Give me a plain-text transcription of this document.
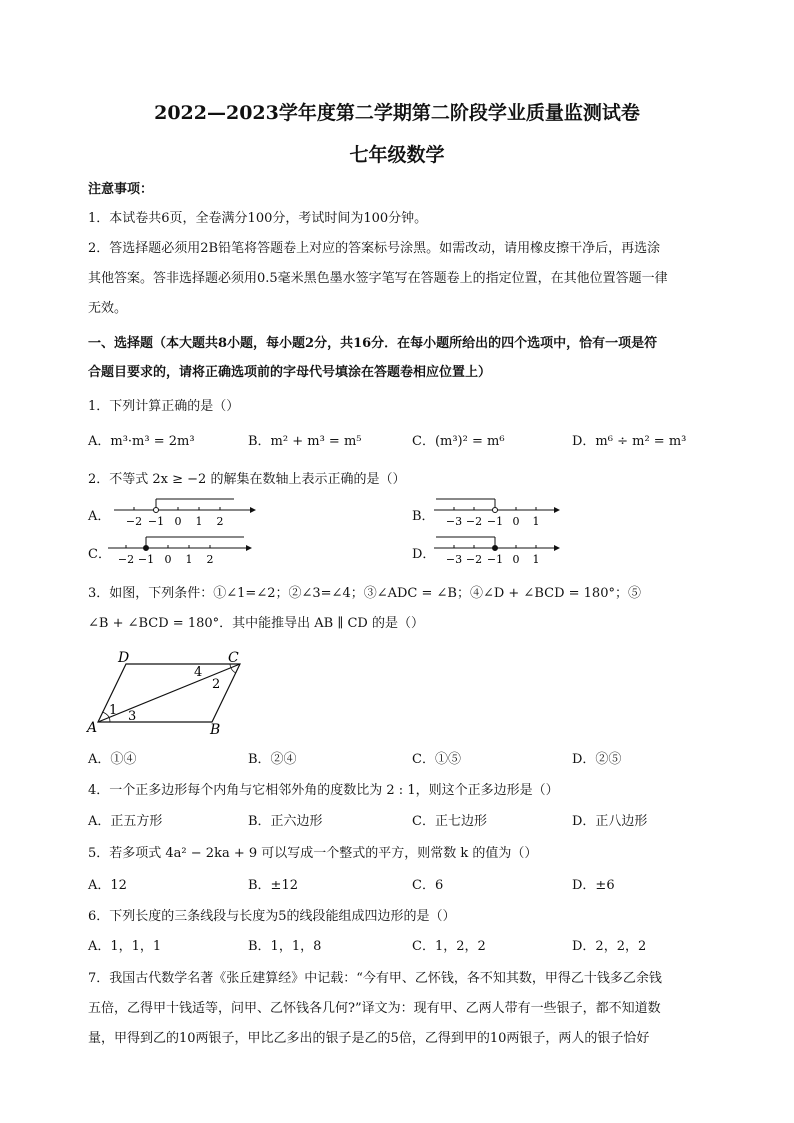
2022—2023学年度第二学期第二阶段学业质量监测试卷
七年级数学
注意事项：
1．本试卷共6页，全卷满分100分，考试时间为100分钟。
2．答选择题必须用2B铅笔将答题卷上对应的答案标号涂黑。如需改动，请用橡皮擦干净后，再选涂
其他答案。答非选择题必须用0.5毫米黑色墨水签字笔写在答题卷上的指定位置，在其他位置答题一律
无效。
一、选择题（本大题共8小题，每小题2分，共16分．在每小题所给出的四个选项中，恰有一项是符
合题目要求的，请将正确选项前的字母代号填涂在答题卷相应位置上）
1．下列计算正确的是（）
A．m³·m³ = 2m³	B．m² + m³ = m⁵	C．(m³)² = m⁶	D．m⁶ ÷ m² = m³
2．不等式 2x ≥ −2 的解集在数轴上表示正确的是（）
A． −2 −1 0 1 2	B． −3 −2 −1 0 1
C． −2 −1 0 1 2	D． −3 −2 −1 0 1
3．如图，下列条件：①∠1=∠2；②∠3=∠4；③∠ADC = ∠B；④∠D + ∠BCD = 180°；⑤
∠B + ∠BCD = 180°．其中能推导出 AB ∥ CD 的是（）
D	C
A	B
1 3
2
4
A．①④	B．②④	C．①⑤	D．②⑤
4．一个正多边形每个内角与它相邻外角的度数比为 2 : 1，则这个正多边形是（）
A．正五方形	B．正六边形	C．正七边形	D．正八边形
5．若多项式 4a² − 2ka + 9 可以写成一个整式的平方，则常数 k 的值为（）
A．12	B．±12	C．6	D．±6
6．下列长度的三条线段与长度为5的线段能组成四边形的是（）
A．1，1，1	B．1，1，8	C．1，2，2	D．2，2，2
7．我国古代数学名著《张丘建算经》中记载：“今有甲、乙怀钱，各不知其数，甲得乙十钱多乙余钱
五倍，乙得甲十钱适等，问甲、乙怀钱各几何?”译文为：现有甲、乙两人带有一些银子，都不知道数
量，甲得到乙的10两银子，甲比乙多出的银子是乙的5倍，乙得到甲的10两银子，两人的银子恰好
